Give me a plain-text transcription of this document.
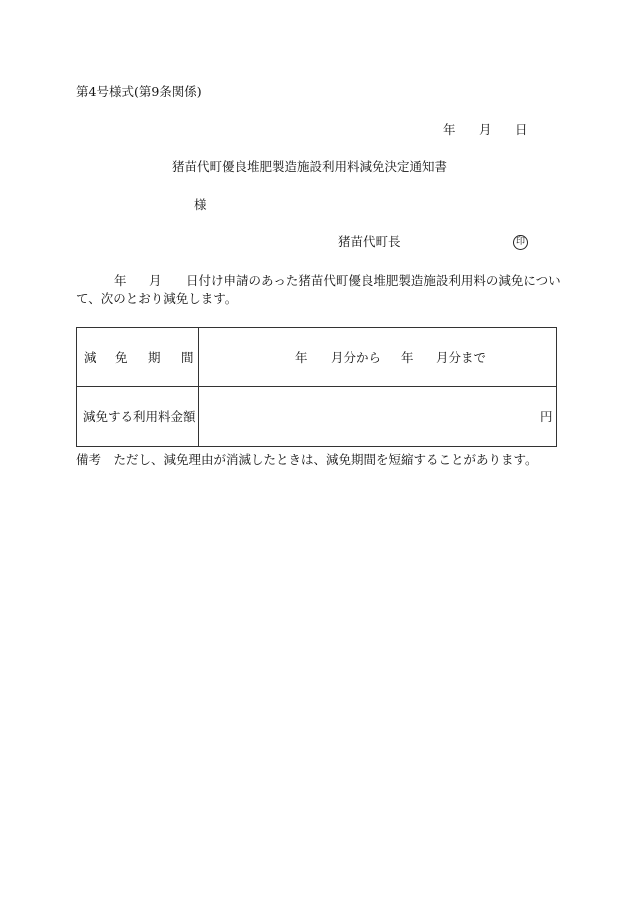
第4号様式(第9条関係)
年 月 日
猪苗代町優良堆肥製造施設利用料減免決定通知書
様
猪苗代町長	印
年 月 日付け申請のあった猪苗代町優良堆肥製造施設利用料の減免につい
て、次のとおり減免します。
減 免 期 間	年 月分から 年 月分まで
減免する利用料金額	円
備考　ただし、減免理由が消滅したときは、減免期間を短縮することがあります。
